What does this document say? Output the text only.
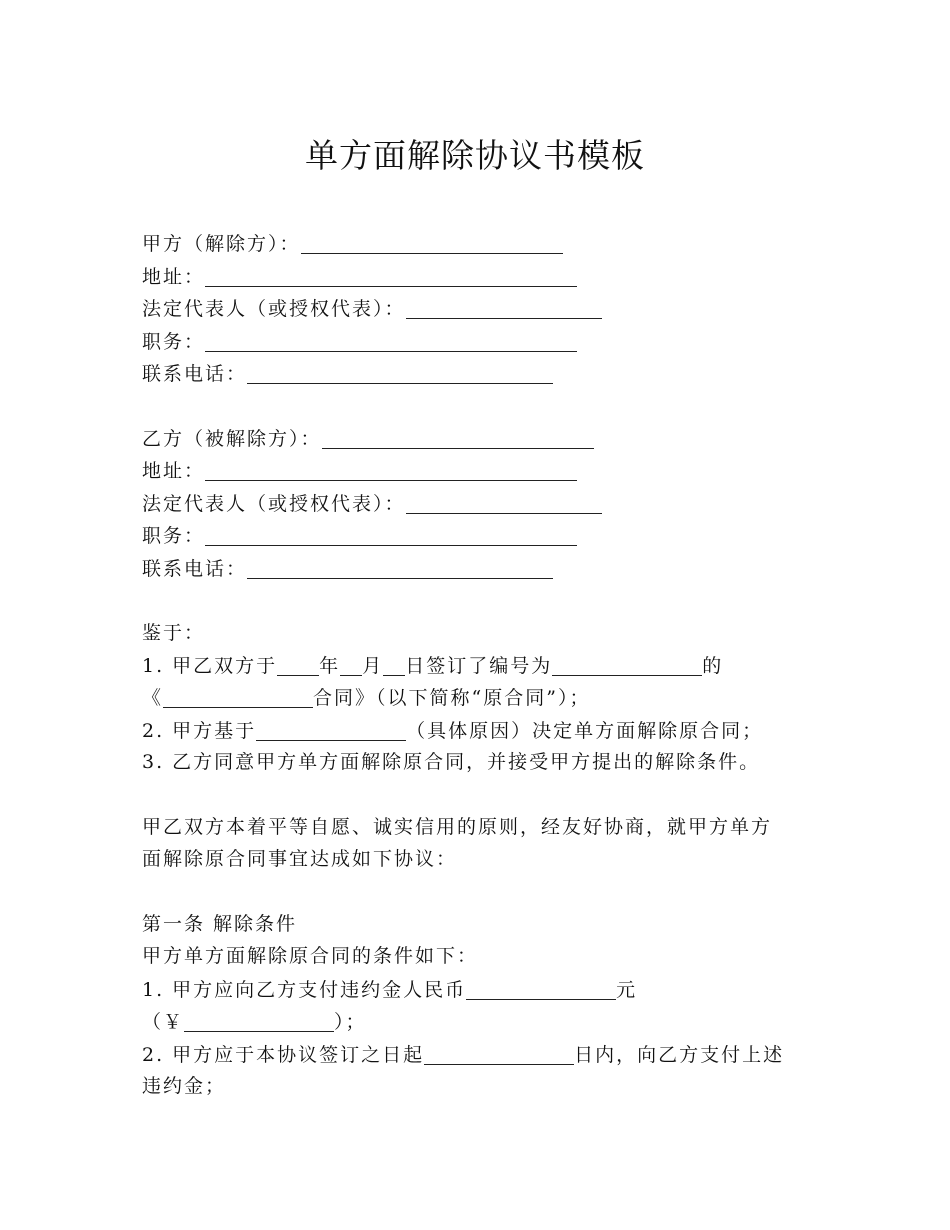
单方面解除协议书模板
甲方（解除方）：
地址：
法定代表人（或授权代表）：
职务：
联系电话：
乙方（被解除方）：
地址：
法定代表人（或授权代表）：
职务：
联系电话：
鉴于：
1. 甲乙双方于 年 月 日签订了编号为	的
《	合同》（以下简称“原合同”）；
2. 甲方基于	（具体原因）决定单方面解除原合同；
3. 乙方同意甲方单方面解除原合同，并接受甲方提出的解除条件。
甲乙双方本着平等自愿、诚实信用的原则，经友好协商，就甲方单方
面解除原合同事宜达成如下协议：
第一条 解除条件
甲方单方面解除原合同的条件如下：
1. 甲方应向乙方支付违约金人民币	元
（￥	）；
2. 甲方应于本协议签订之日起	日内，向乙方支付上述
违约金；
